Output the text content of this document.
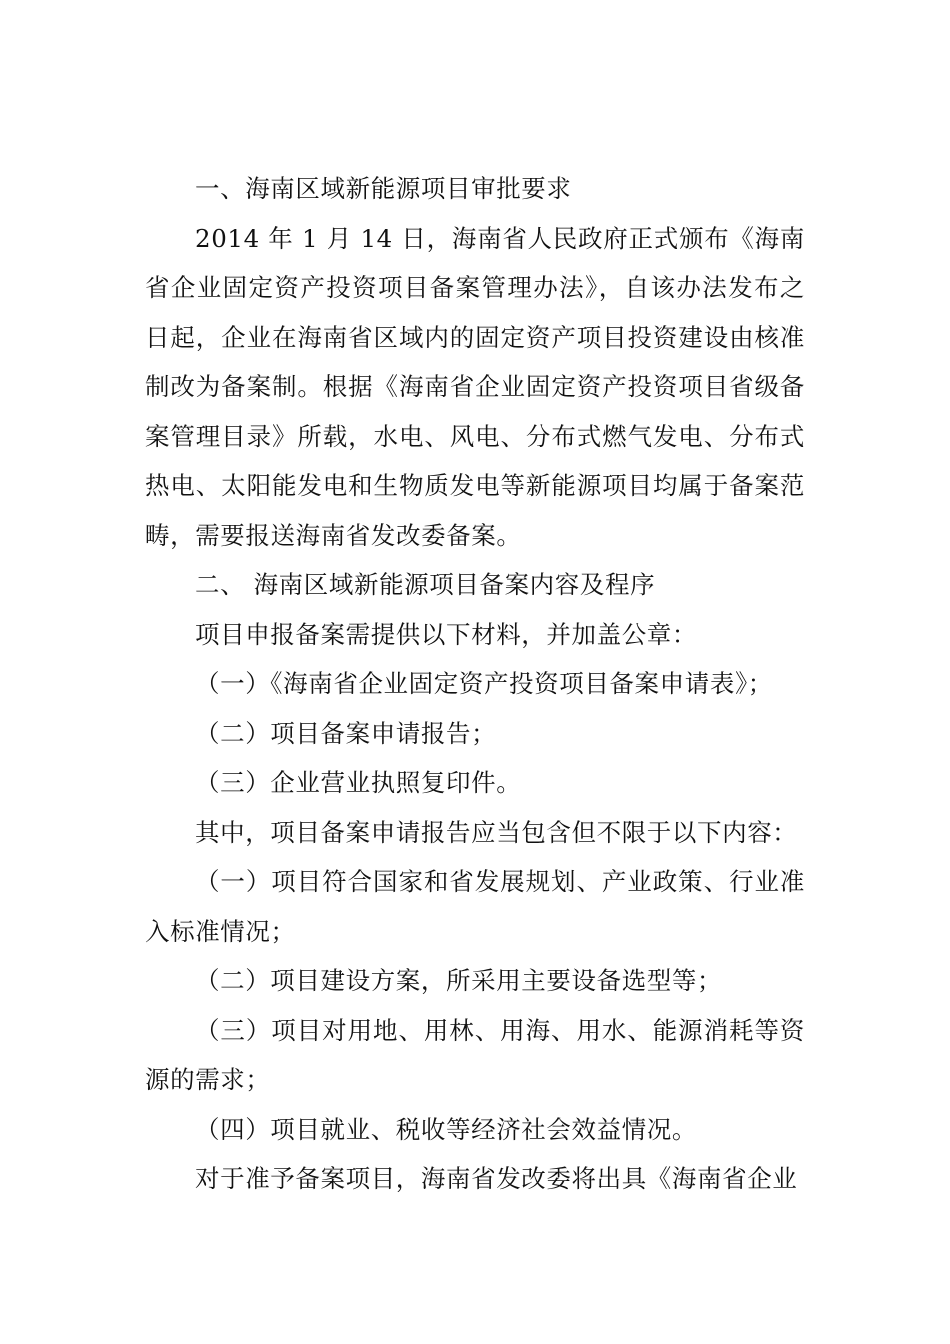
一、海南区域新能源项目审批要求

2014 年 1 月 14 日，海南省人民政府正式颁布《海南省企业固定资产投资项目备案管理办法》，自该办法发布之日起，企业在海南省区域内的固定资产项目投资建设由核准制改为备案制。根据《海南省企业固定资产投资项目省级备案管理目录》所载，水电、风电、分布式燃气发电、分布式热电、太阳能发电和生物质发电等新能源项目均属于备案范畴，需要报送海南省发改委备案。

二、 海南区域新能源项目备案内容及程序

项目申报备案需提供以下材料，并加盖公章：

（一）《海南省企业固定资产投资项目备案申请表》；

（二）项目备案申请报告；

（三）企业营业执照复印件。

其中，项目备案申请报告应当包含但不限于以下内容：

（一）项目符合国家和省发展规划、产业政策、行业准入标准情况；

（二）项目建设方案，所采用主要设备选型等；

（三）项目对用地、用林、用海、用水、能源消耗等资源的需求；

（四）项目就业、税收等经济社会效益情况。

对于准予备案项目，海南省发改委将出具《海南省企业
